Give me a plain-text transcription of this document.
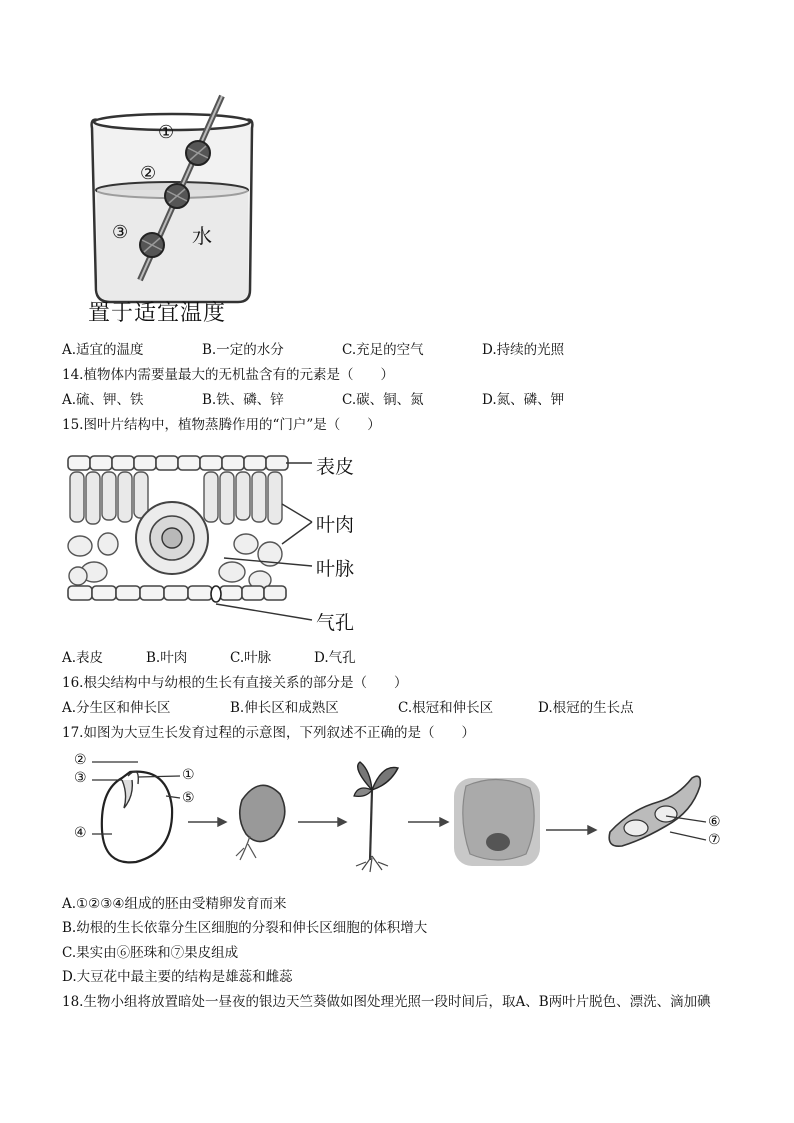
①
②
③	水
置于适宜温度
A.适宜的温度	B.一定的水分	C.充足的空气	D.持续的光照
14.植物体内需要量最大的无机盐含有的元素是（　　）
A.硫、钾、铁	B.铁、磷、锌	C.碳、铜、氮	D.氮、磷、钾
15.图叶片结构中，植物蒸腾作用的“门户”是（　　）
表皮
叶肉
叶脉
气孔
A.表皮	B.叶肉	C.叶脉	D.气孔
16.根尖结构中与幼根的生长有直接关系的部分是（　　）
A.分生区和伸长区	B.伸长区和成熟区	C.根冠和伸长区	D.根冠的生长点
17.如图为大豆生长发育过程的示意图，下列叙述不正确的是（　　）
②
③	①
⑤
④
⑥
⑦
A.①②③④组成的胚由受精卵发育而来
B.幼根的生长依靠分生区细胞的分裂和伸长区细胞的体积增大
C.果实由⑥胚珠和⑦果皮组成
D.大豆花中最主要的结构是雄蕊和雌蕊
18.生物小组将放置暗处一昼夜的银边天竺葵做如图处理光照一段时间后，取A、B两叶片脱色、漂洗、滴加碘
